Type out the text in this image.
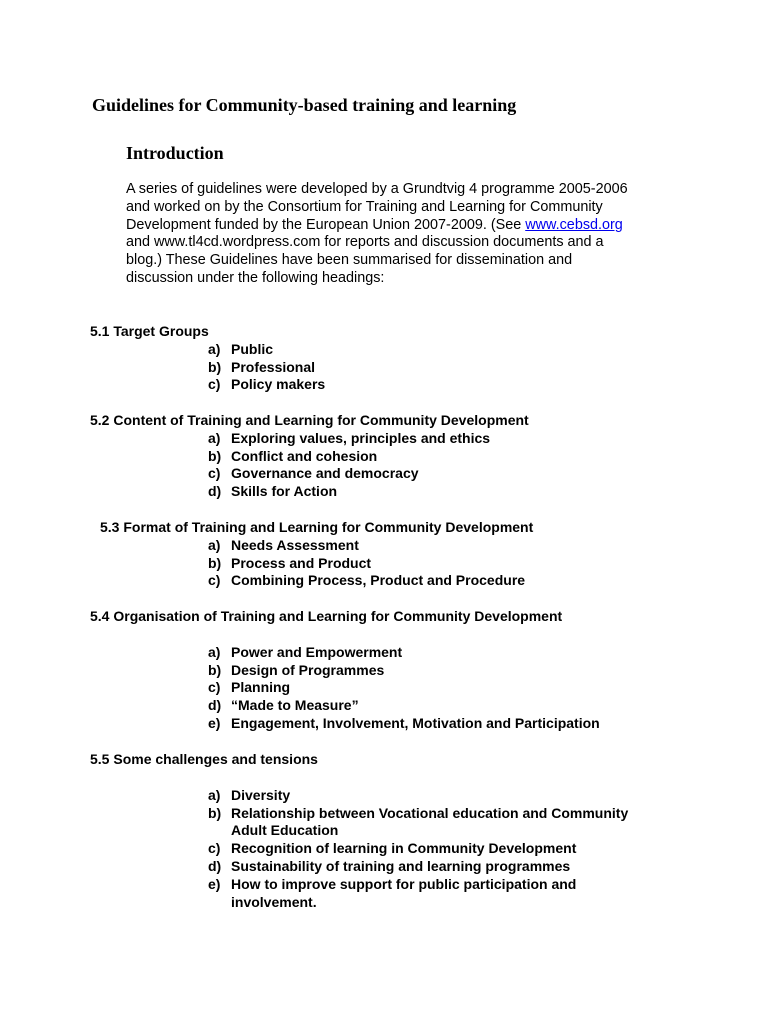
Guidelines for Community-based training and learning
Introduction
A series of guidelines were developed by a Grundtvig 4 programme 2005-2006
and worked on by the Consortium for Training and Learning for Community
Development funded by the European Union 2007-2009. (See www.cebsd.org
and www.tl4cd.wordpress.com for reports and discussion documents and a
blog.) These Guidelines have been summarised for dissemination and
discussion under the following headings:
5.1 Target Groups
a) Public
b) Professional
c) Policy makers
5.2 Content of Training and Learning for Community Development
a) Exploring values, principles and ethics
b) Conflict and cohesion
c) Governance and democracy
d) Skills for Action
5.3 Format of Training and Learning for Community Development
a) Needs Assessment
b) Process and Product
c) Combining Process, Product and Procedure
5.4 Organisation of Training and Learning for Community Development
a) Power and Empowerment
b) Design of Programmes
c) Planning
d) “Made to Measure”
e) Engagement, Involvement, Motivation and Participation
5.5 Some challenges and tensions
a) Diversity
b) Relationship between Vocational education and Community
Adult Education
c) Recognition of learning in Community Development
d) Sustainability of training and learning programmes
e) How to improve support for public participation and
involvement.
